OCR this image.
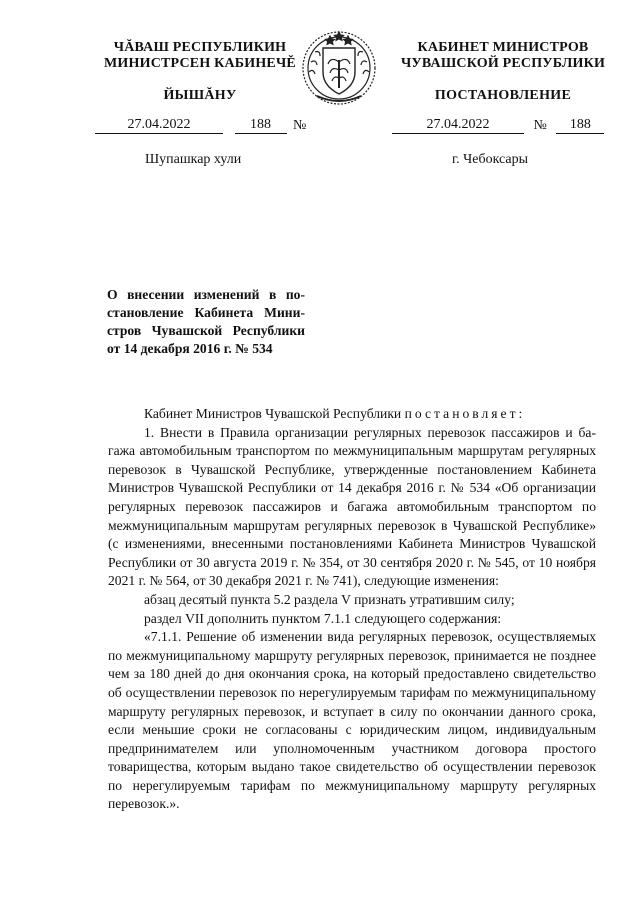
ЧĂВАШ РЕСПУБЛИКИН
МИНИСТРСЕН КАБИНЕЧĚ
ЙЫШĂНУ
КАБИНЕТ МИНИСТРОВ
ЧУВАШСКОЙ РЕСПУБЛИКИ
ПОСТАНОВЛЕНИЕ
27.04.2022	188 №	27.04.2022	№ 188
Шупашкар хули	г. Чебоксары
О внесении изменений в постановление Кабинета Министров Чувашской Республики от 14 декабря 2016 г. № 534

Кабинет Министров Чувашской Республики постановляет:

1. Внести в Правила организации регулярных перевозок пассажиров и багажа автомобильным транспортом по межмуниципальным маршрутам регулярных перевозок в Чувашской Республике, утвержденные постановлением Кабинета Министров Чувашской Республики от 14 декабря 2016 г. № 534 «Об организации регулярных перевозок пассажиров и багажа автомобильным транспортом по межмуниципальным маршрутам регулярных перевозок в Чувашской Республике» (с изменениями, внесенными постановлениями Кабинета Министров Чувашской Республики от 30 августа 2019 г. № 354, от 30 сентября 2020 г. № 545, от 10 ноября 2021 г. № 564, от 30 декабря 2021 г. № 741), следующие изменения:

абзац десятый пункта 5.2 раздела V признать утратившим силу;

раздел VII дополнить пунктом 7.1.1 следующего содержания:

«7.1.1. Решение об изменении вида регулярных перевозок, осуществляемых по межмуниципальному маршруту регулярных перевозок, принимается не позднее чем за 180 дней до дня окончания срока, на который предоставлено свидетельство об осуществлении перевозок по нерегулируемым тарифам по межмуниципальному маршруту регулярных перевозок, и вступает в силу по окончании данного срока, если меньшие сроки не согласованы с юридическим лицом, индивидуальным предпринимателем или уполномоченным участником договора простого товарищества, которым выдано такое свидетельство об осуществлении перевозок по нерегулируемым тарифам по межмуниципальному маршруту регулярных перевозок.».
